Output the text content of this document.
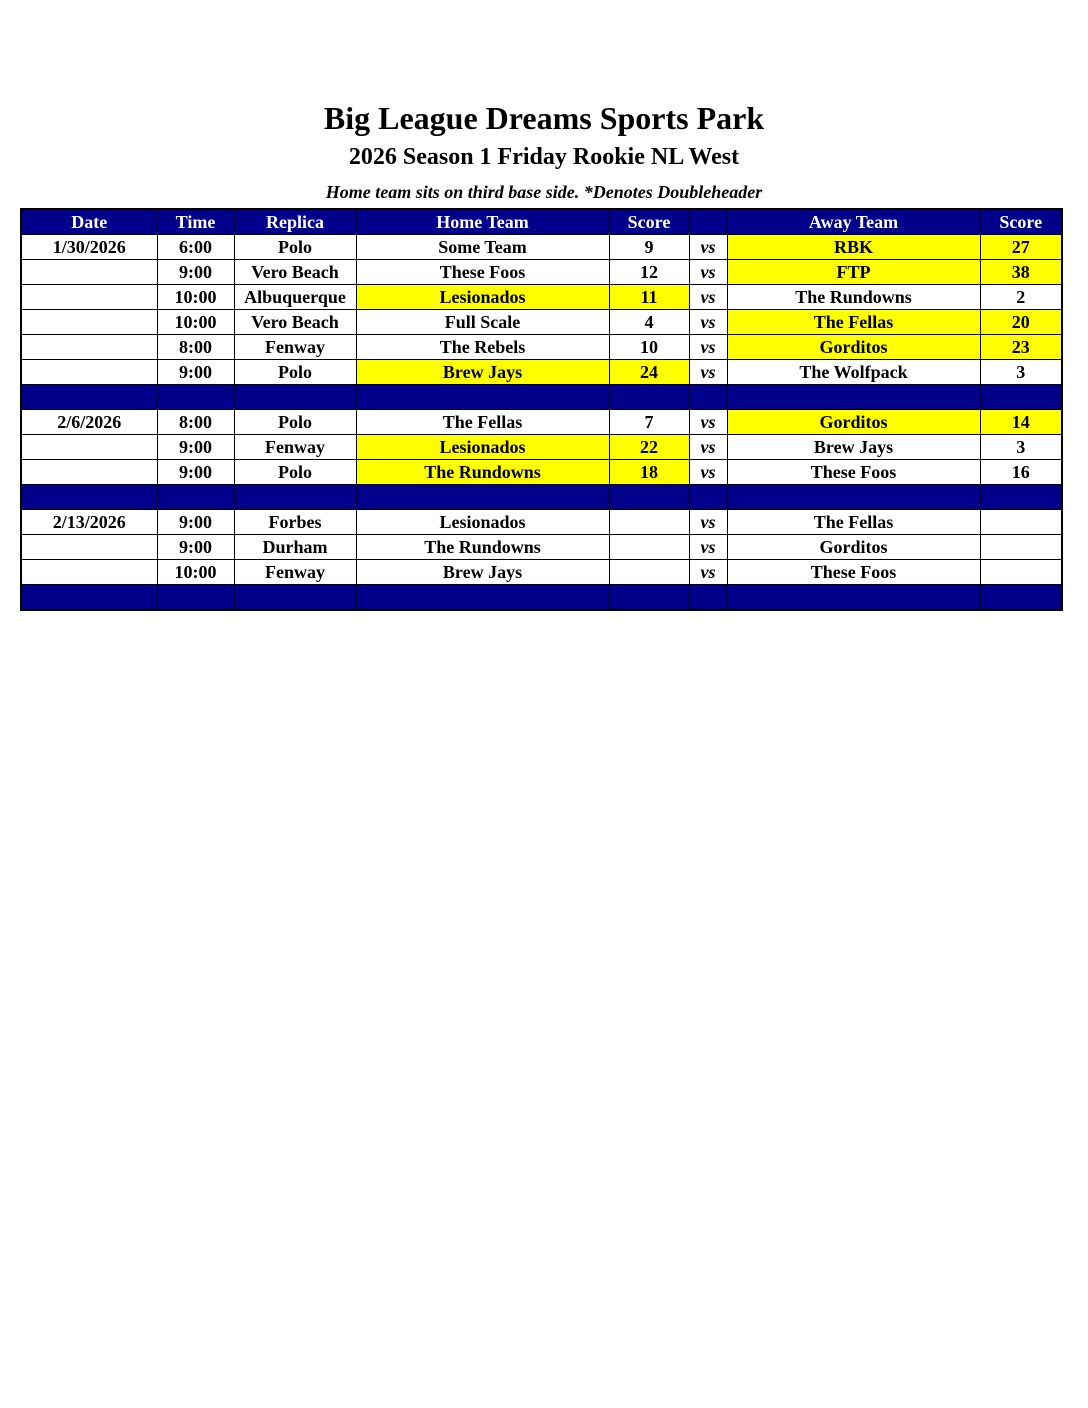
Big League Dreams Sports Park
2026 Season 1 Friday Rookie NL West
Home team sits on third base side. *Denotes Doubleheader
Date	Time	Replica	Home Team	Score		Away Team	Score
1/30/2026	6:00	Polo	Some Team	9	vs	RBK	27
	9:00	Vero Beach	These Foos	12	vs	FTP	38
	10:00	Albuquerque	Lesionados	11	vs	The Rundowns	2
	10:00	Vero Beach	Full Scale	4	vs	The Fellas	20
	8:00	Fenway	The Rebels	10	vs	Gorditos	23
	9:00	Polo	Brew Jays	24	vs	The Wolfpack	3

2/6/2026	8:00	Polo	The Fellas	7	vs	Gorditos	14
	9:00	Fenway	Lesionados	22	vs	Brew Jays	3
	9:00	Polo	The Rundowns	18	vs	These Foos	16

2/13/2026	9:00	Forbes	Lesionados		vs	The Fellas	
	9:00	Durham	The Rundowns		vs	Gorditos	
	10:00	Fenway	Brew Jays		vs	These Foos	
